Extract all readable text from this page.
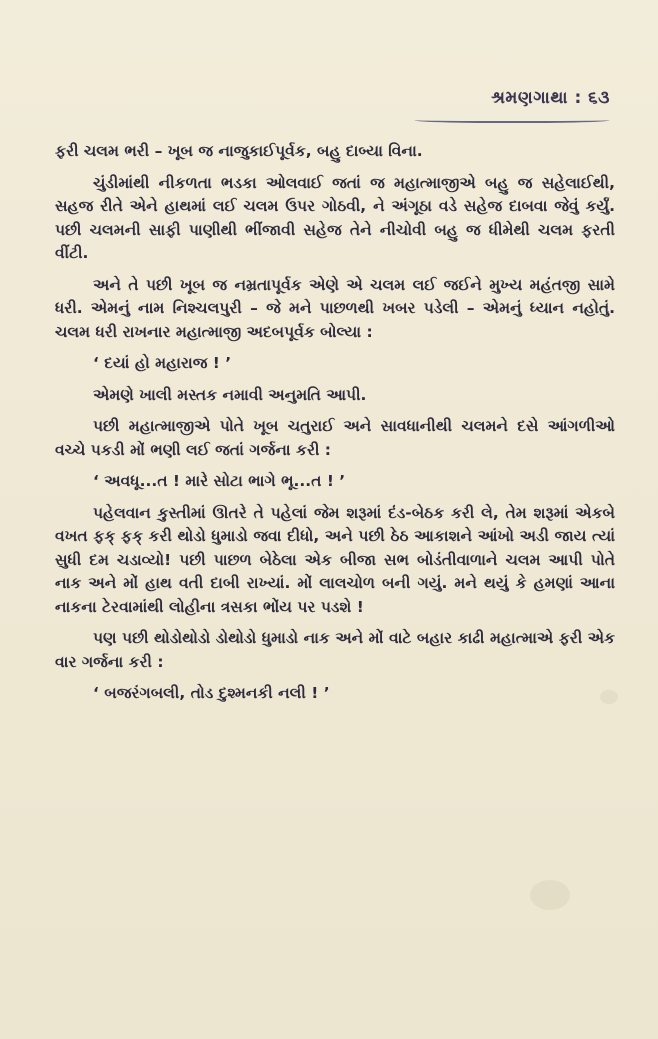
શ્રમણગાથા : ૬૩

ફરી ચલમ ભરી – ખૂબ જ નાજુકાઈપૂર્વક, બહુ દાબ્યા વિના.

ચુંડીમાંથી નીકળતા ભડકા ઓલવાઈ જતાં જ મહાત્માજીએ બહુ જ સહેલાઈથી, સહજ રીતે એને હાથમાં લઈ ચલમ ઉપર ગોઠવી, ને અંગૂઠા વડે સહેજ દાબવા જેવું કર્યું. પછી ચલમની સાફી પાણીથી ભીંજાવી સહેજ તેને નીચોવી બહુ જ ધીમેથી ચલમ ફરતી વીંટી.

અને તે પછી ખૂબ જ નમ્રતાપૂર્વક એણે એ ચલમ લઈ જઈને મુખ્ય મહંતજી સામે ધરી. એમનું નામ નિશ્ચલપુરી – જે મને પાછળથી ખબર પડેલી – એમનું ધ્યાન નહોતું. ચલમ ધરી રાખનાર મહાત્માજી અદબપૂર્વક બોલ્યા :

‘ દયાં હો મહારાજ ! ’

એમણે ખાલી મસ્તક નમાવી અનુમતિ આપી.

પછી મહાત્માજીએ પોતે ખૂબ ચતુરાઈ અને સાવધાનીથી ચલમને દસે આંગળીઓ વચ્ચે પકડી મોં ભણી લઈ જતાં ગર્જના કરી :

‘ અવધૂ...ત ! મારે સોટા ભાગે ભૂ...ત ! ’

પહેલવાન કુસ્તીમાં ઊતરે તે પહેલાં જેમ શરૂમાં દંડ-બેઠક કરી લે, તેમ શરૂમાં એકબે વખત ફક્ ફક્ કરી થોડો ધુમાડો જવા દીધો, અને પછી ઠેઠ આકાશને આંખો અડી જાય ત્યાં સુધી દમ ચડાવ્યો! પછી પાછળ બેઠેલા એક બીજા સભ બોડંતીવાળાને ચલમ આપી પોતે નાક અને મોં હાથ વતી દાબી રાખ્યાં. મોં લાલચોળ બની ગયું. મને થયું કે હમણાં આના નાકના ટેરવામાંથી લોહીના ત્રસકા ભોંય પર પડશે !

પણ પછી થોડોથોડો ડોથોડો ધુમાડો નાક અને મોં વાટે બહાર કાઢી મહાત્માએ ફરી એક વાર ગર્જના કરી :

‘ બજરંગબલી, તોડ દુશ્મનકી નલી ! ’
